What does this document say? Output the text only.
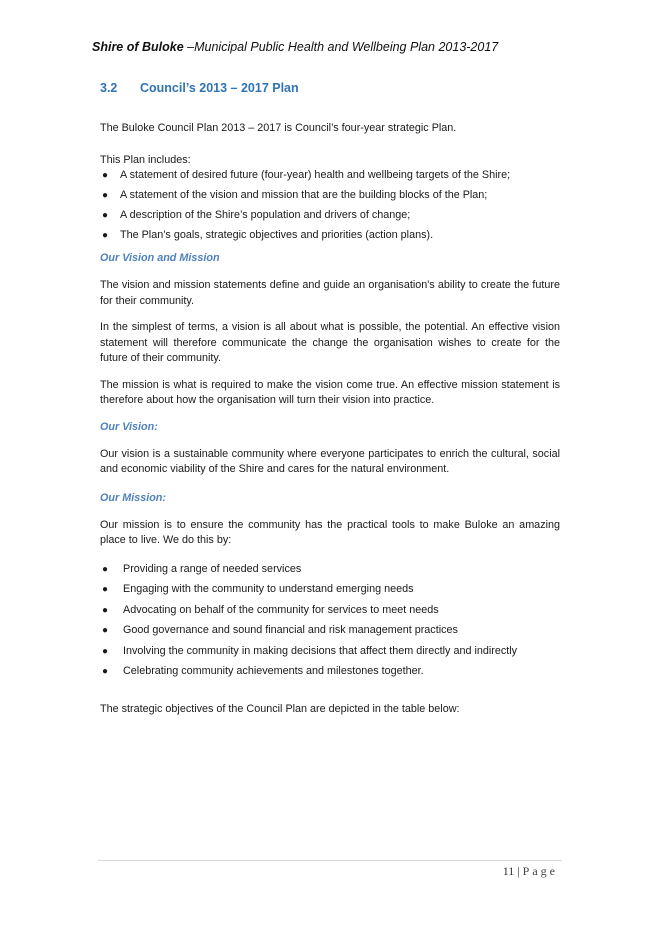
Shire of Buloke –Municipal Public Health and Wellbeing Plan 2013-2017
3.2 Council’s 2013 – 2017 Plan

The Buloke Council Plan 2013 – 2017 is Council’s four-year strategic Plan.

This Plan includes:

● A statement of desired future (four-year) health and wellbeing targets of the Shire;
● A statement of the vision and mission that are the building blocks of the Plan;
● A description of the Shire’s population and drivers of change;
● The Plan’s goals, strategic objectives and priorities (action plans).

Our Vision and Mission

The vision and mission statements define and guide an organisation's ability to create the future for their community.

In the simplest of terms, a vision is all about what is possible, the potential. An effective vision statement will therefore communicate the change the organisation wishes to create for the future of their community.

The mission is what is required to make the vision come true. An effective mission statement is therefore about how the organisation will turn their vision into practice.

Our Vision:

Our vision is a sustainable community where everyone participates to enrich the cultural, social and economic viability of the Shire and cares for the natural environment.

Our Mission:

Our mission is to ensure the community has the practical tools to make Buloke an amazing place to live. We do this by:

● Providing a range of needed services
● Engaging with the community to understand emerging needs
● Advocating on behalf of the community for services to meet needs
● Good governance and sound financial and risk management practices
● Involving the community in making decisions that affect them directly and indirectly
● Celebrating community achievements and milestones together.

The strategic objectives of the Council Plan are depicted in the table below:

11 | Page
